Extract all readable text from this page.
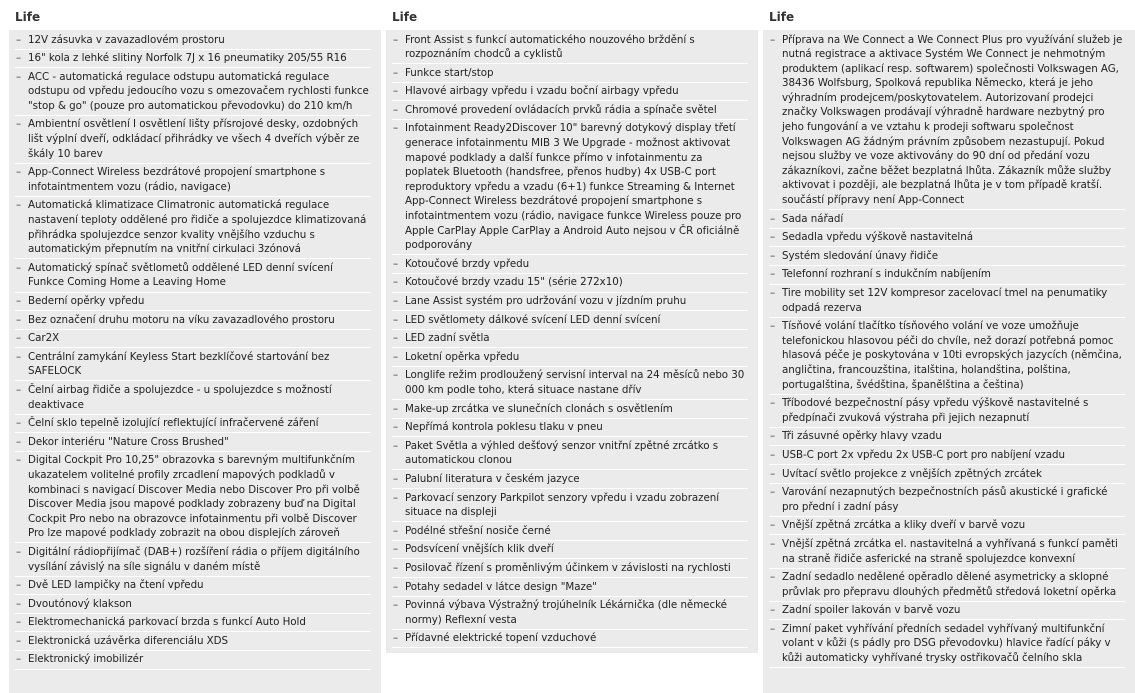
Life
– 12V zásuvka v zavazadlovém prostoru
– 16" kola z lehké slitiny Norfolk 7J x 16 pneumatiky 205/55 R16
– ACC - automatická regulace odstupu automatická regulace odstupu od vpředu jedoucího vozu s omezovačem rychlosti funkce "stop & go" (pouze pro automatickou převodovku) do 210 km/h
– Ambientní osvětlení I osvětlení lišty přísrojové desky, ozdobných lišt výplní dveří, odkládací přihrádky ve všech 4 dveřích výběr ze škály 10 barev
– App-Connect Wireless bezdrátové propojení smartphone s infotaintmentem vozu (rádio, navigace)
– Automatická klimatizace Climatronic automatická regulace nastavení teploty oddělené pro řidiče a spolujezdce klimatizovaná přihrádka spolujezdce senzor kvality vnějšího vzduchu s automatickým přepnutím na vnitřní cirkulaci 3zónová
– Automatický spínač světlometů oddělené LED denní svícení Funkce Coming Home a Leaving Home
– Bederní opěrky vpředu
– Bez označení druhu motoru na víku zavazadlového prostoru
– Car2X
– Centrální zamykání Keyless Start bezklíčové startování bez SAFELOCK
– Čelní airbag řidiče a spolujezdce - u spolujezdce s možností deaktivace
– Čelní sklo tepelně izolující reflektující infračervené záření
– Dekor interiéru "Nature Cross Brushed"
– Digital Cockpit Pro 10,25" obrazovka s barevným multifunkčním ukazatelem volitelné profily zrcadlení mapových podkladů v kombinaci s navigací Discover Media nebo Discover Pro při volbě Discover Media jsou mapové podklady zobrazeny buď na Digital Cockpit Pro nebo na obrazovce infotainmentu při volbě Discover Pro lze mapové podklady zobrazit na obou displejích zároveň
– Digitální rádiopřijímač (DAB+) rozšíření rádia o příjem digitálního vysílání závislý na síle signálu v daném místě
– Dvě LED lampičky na čtení vpředu
– Dvoutónový klakson
– Elektromechanická parkovací brzda s funkcí Auto Hold
– Elektronická uzávěrka diferenciálu XDS
– Elektronický imobilizér
Life
– Front Assist s funkcí automatického nouzového brždění s rozpoznáním chodců a cyklistů
– Funkce start/stop
– Hlavové airbagy vpředu i vzadu boční airbagy vpředu
– Chromové provedení ovládacích prvků rádia a spínače světel
– Infotainment Ready2Discover 10" barevný dotykový display třetí generace infotainmentu MIB 3 We Upgrade - možnost aktivovat mapové podklady a další funkce přímo v infotainmentu za poplatek Bluetooth (handsfree, přenos hudby) 4x USB-C port reproduktory vpředu a vzadu (6+1) funkce Streaming & Internet App-Connect Wireless bezdrátové propojení smartphone s infotaintmentem vozu (rádio, navigace funkce Wireless pouze pro Apple CarPlay Apple CarPlay a Android Auto nejsou v ČR oficiálně podporovány
– Kotoučové brzdy vpředu
– Kotoučové brzdy vzadu 15" (série 272x10)
– Lane Assist systém pro udržování vozu v jízdním pruhu
– LED světlomety dálkové svícení LED denní svícení
– LED zadní světla
– Loketní opěrka vpředu
– Longlife režim prodloužený servisní interval na 24 měsíců nebo 30 000 km podle toho, která situace nastane dřív
– Make-up zrcátka ve slunečních clonách s osvětlením
– Nepřímá kontrola poklesu tlaku v pneu
– Paket Světla a výhled dešťový senzor vnitřní zpětné zrcátko s automatickou clonou
– Palubní literatura v českém jazyce
– Parkovací senzory Parkpilot senzory vpředu i vzadu zobrazení situace na displeji
– Podélné střešní nosiče černé
– Podsvícení vnějších klik dveří
– Posilovač řízení s proměnlivým účinkem v závislosti na rychlosti
– Potahy sedadel v látce design "Maze"
– Povinná výbava Výstražný trojúhelník Lékárnička (dle německé normy) Reflexní vesta
– Přídavné elektrické topení vzduchové
Life
– Příprava na We Connect a We Connect Plus pro využívání služeb je nutná registrace a aktivace Systém We Connect je nehmotným produktem (aplikací resp. softwarem) společnosti Volkswagen AG, 38436 Wolfsburg, Spolková republika Německo, která je jeho výhradním prodejcem/poskytovatelem. Autorizovaní prodejci značky Volkswagen prodávají výhradně hardware nezbytný pro jeho fungování a ve vztahu k prodeji softwaru společnost Volkswagen AG žádným právním způsobem nezastupují. Pokud nejsou služby ve voze aktivovány do 90 dní od předání vozu zákazníkovi, začne běžet bezplatná lhůta. Zákazník může služby aktivovat i později, ale bezplatná lhůta je v tom případě kratší. součástí přípravy není App-Connect
– Sada nářadí
– Sedadla vpředu výškově nastavitelná
– Systém sledování únavy řidiče
– Telefonní rozhraní s indukčním nabíjením
– Tire mobility set 12V kompresor zacelovací tmel na penumatiky odpadá rezerva
– Tísňové volání tlačítko tísňového volání ve voze umožňuje telefonickou hlasovou péči do chvíle, než dorazí potřebná pomoc hlasová péče je poskytována v 10ti evropských jazycích (němčina, angličtina, francouzština, italština, holandština, polština, portugalština, švédština, španělština a čeština)
– Tříbodové bezpečnostní pásy vpředu výškově nastavitelné s předpínači zvuková výstraha při jejich nezapnutí
– Tři zásuvné opěrky hlavy vzadu
– USB-C port 2x vpředu 2x USB-C port pro nabíjení vzadu
– Uvítací světlo projekce z vnějších zpětných zrcátek
– Varování nezapnutých bezpečnostních pásů akustické i grafické pro přední i zadní pásy
– Vnější zpětná zrcátka a kliky dveří v barvě vozu
– Vnější zpětná zrcátka el. nastavitelná a vyhřívaná s funkcí paměti na straně řidiče asferické na straně spolujezdce konvexní
– Zadní sedadlo nedělené opěradlo dělené asymetricky a sklopné průvlak pro přepravu dlouhých předmětů středová loketní opěrka
– Zadní spoiler lakován v barvě vozu
– Zimní paket vyhřívání předních sedadel vyhřívaný multifunkční volant v kůži (s pádly pro DSG převodovku) hlavice řadící páky v kůži automaticky vyhřívané trysky ostřikovačů čelního skla
